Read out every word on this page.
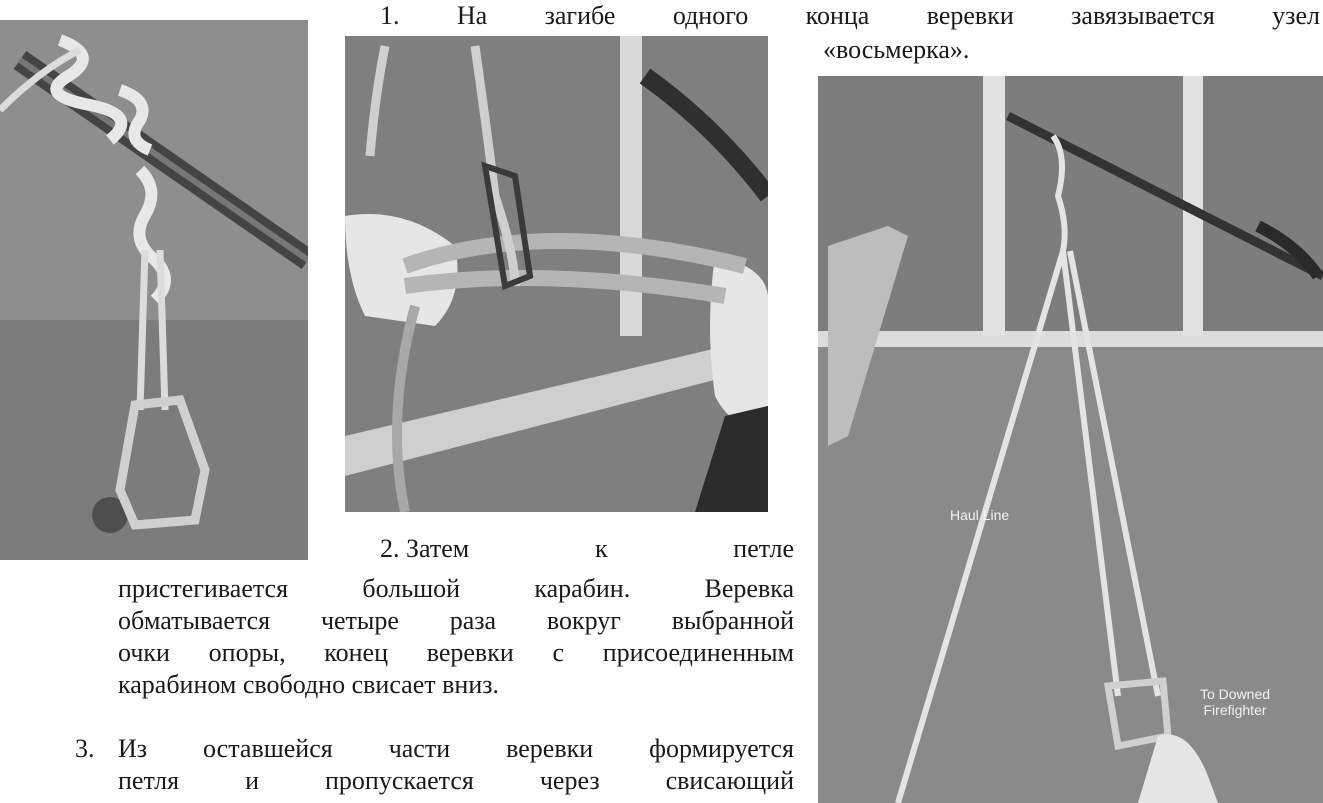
1. На загибе одного конца веревки завязывается узел
«восьмерка».
Haul Line
To Downed
Firefighter
2. Затем	к	петле
пристегивается большой карабин. Веревка
обматывается четыре раза вокруг выбранной
очки опоры, конец веревки с присоединенным
карабином свободно свисает вниз.
3. Из оставшейся части веревки формируется
петля	и	пропускается	через	свисающий
